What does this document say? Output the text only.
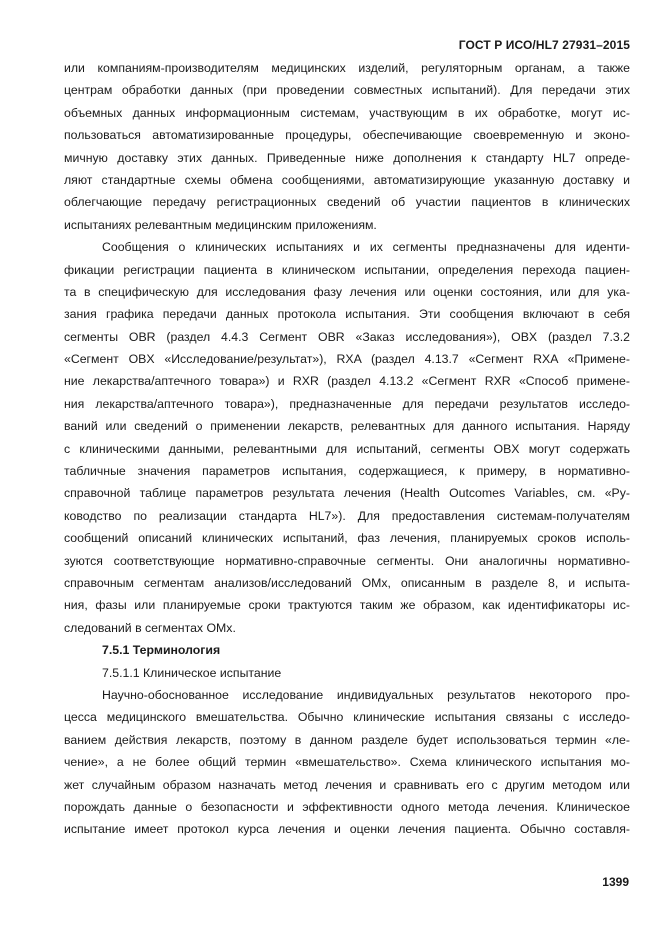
ГОСТ Р ИСО/HL7 27931–2015
или компаниям-производителям медицинских изделий, регуляторным органам, а также
центрам обработки данных (при проведении совместных испытаний). Для передачи этих
объемных данных информационным системам, участвующим в их обработке, могут ис-
пользоваться автоматизированные процедуры, обеспечивающие своевременную и эконо-
мичную доставку этих данных. Приведенные ниже дополнения к стандарту HL7 опреде-
ляют стандартные схемы обмена сообщениями, автоматизирующие указанную доставку и
облегчающие передачу регистрационных сведений об участии пациентов в клинических
испытаниях релевантным медицинским приложениям.
Сообщения о клинических испытаниях и их сегменты предназначены для иденти-
фикации регистрации пациента в клиническом испытании, определения перехода пациен-
та в специфическую для исследования фазу лечения или оценки состояния, или для ука-
зания графика передачи данных протокола испытания. Эти сообщения включают в себя
сегменты OBR (раздел 4.4.3 Сегмент OBR «Заказ исследования»), OBX (раздел 7.3.2
«Сегмент OBX «Исследование/результат»), RXA (раздел 4.13.7 «Сегмент RXA «Примене-
ние лекарства/аптечного товара») и RXR (раздел 4.13.2 «Сегмент RXR «Способ примене-
ния лекарства/аптечного товара»), предназначенные для передачи результатов исследо-
ваний или сведений о применении лекарств, релевантных для данного испытания. Наряду
с клиническими данными, релевантными для испытаний, сегменты OBX могут содержать
табличные значения параметров испытания, содержащиеся, к примеру, в нормативно-
справочной таблице параметров результата лечения (Health Outcomes Variables, см. «Ру-
ководство по реализации стандарта HL7»). Для предоставления системам-получателям
сообщений описаний клинических испытаний, фаз лечения, планируемых сроков исполь-
зуются соответствующие нормативно-справочные сегменты. Они аналогичны нормативно-
справочным сегментам анализов/исследований OMx, описанным в разделе 8, и испыта-
ния, фазы или планируемые сроки трактуются таким же образом, как идентификаторы ис-
следований в сегментах OMx.
7.5.1 Терминология
7.5.1.1 Клиническое испытание
Научно-обоснованное исследование индивидуальных результатов некоторого про-
цесса медицинского вмешательства. Обычно клинические испытания связаны с исследо-
ванием действия лекарств, поэтому в данном разделе будет использоваться термин «ле-
чение», а не более общий термин «вмешательство». Схема клинического испытания мо-
жет случайным образом назначать метод лечения и сравнивать его с другим методом или
порождать данные о безопасности и эффективности одного метода лечения. Клиническое
испытание имеет протокол курса лечения и оценки лечения пациента. Обычно составля-
1399
